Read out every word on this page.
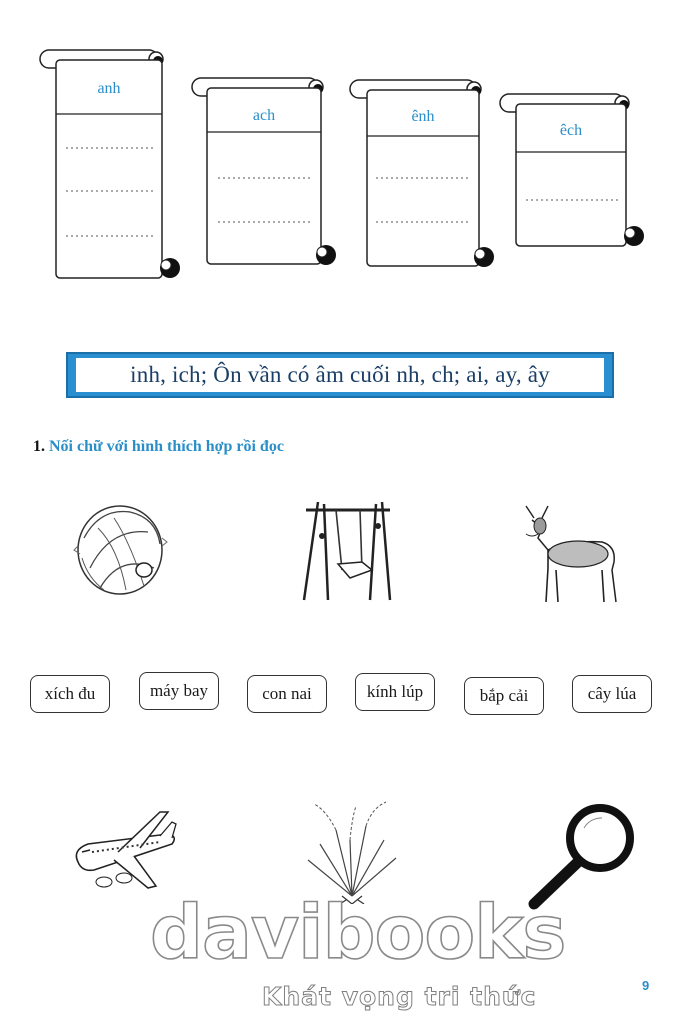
anh
ach	ênh
êch
inh, ich; Ôn vần có âm cuối nh, ch; ai, ay, ây
1. Nối chữ với hình thích hợp rồi đọc
xích đu	máy bay	con nai	kính lúp	bắp cải	cây lúa
davibooks
Khát vọng tri thức	9
